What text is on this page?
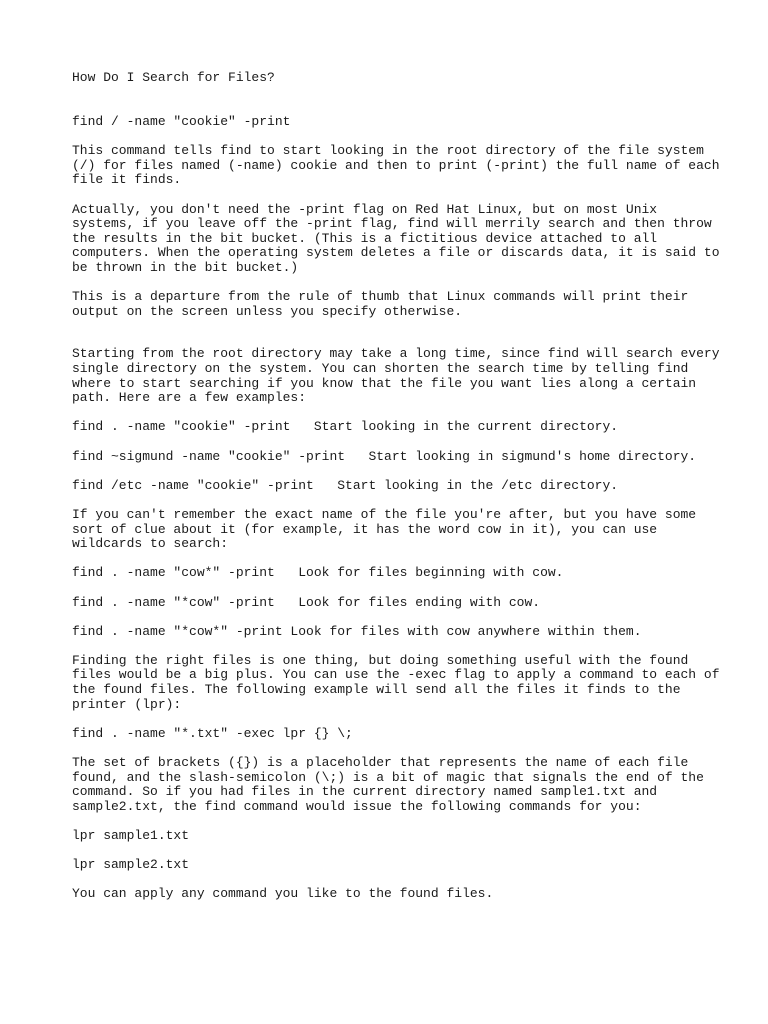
How Do I Search for Files?
find / -name "cookie" -print
This command tells find to start looking in the root directory of the file system
(/) for files named (-name) cookie and then to print (-print) the full name of each
file it finds.
Actually, you don't need the -print flag on Red Hat Linux, but on most Unix
systems, if you leave off the -print flag, find will merrily search and then throw
the results in the bit bucket. (This is a fictitious device attached to all
computers. When the operating system deletes a file or discards data, it is said to
be thrown in the bit bucket.)
This is a departure from the rule of thumb that Linux commands will print their
output on the screen unless you specify otherwise.
Starting from the root directory may take a long time, since find will search every
single directory on the system. You can shorten the search time by telling find
where to start searching if you know that the file you want lies along a certain
path. Here are a few examples:
find . -name "cookie" -print   Start looking in the current directory.
find ~sigmund -name "cookie" -print   Start looking in sigmund's home directory.
find /etc -name "cookie" -print   Start looking in the /etc directory.
If you can't remember the exact name of the file you're after, but you have some
sort of clue about it (for example, it has the word cow in it), you can use
wildcards to search:
find . -name "cow*" -print   Look for files beginning with cow.
find . -name "*cow" -print   Look for files ending with cow.
find . -name "*cow*" -print Look for files with cow anywhere within them.
Finding the right files is one thing, but doing something useful with the found
files would be a big plus. You can use the -exec flag to apply a command to each of
the found files. The following example will send all the files it finds to the
printer (lpr):
find . -name "*.txt" -exec lpr {} \;
The set of brackets ({}) is a placeholder that represents the name of each file
found, and the slash-semicolon (\;) is a bit of magic that signals the end of the
command. So if you had files in the current directory named sample1.txt and
sample2.txt, the find command would issue the following commands for you:
lpr sample1.txt
lpr sample2.txt
You can apply any command you like to the found files.
